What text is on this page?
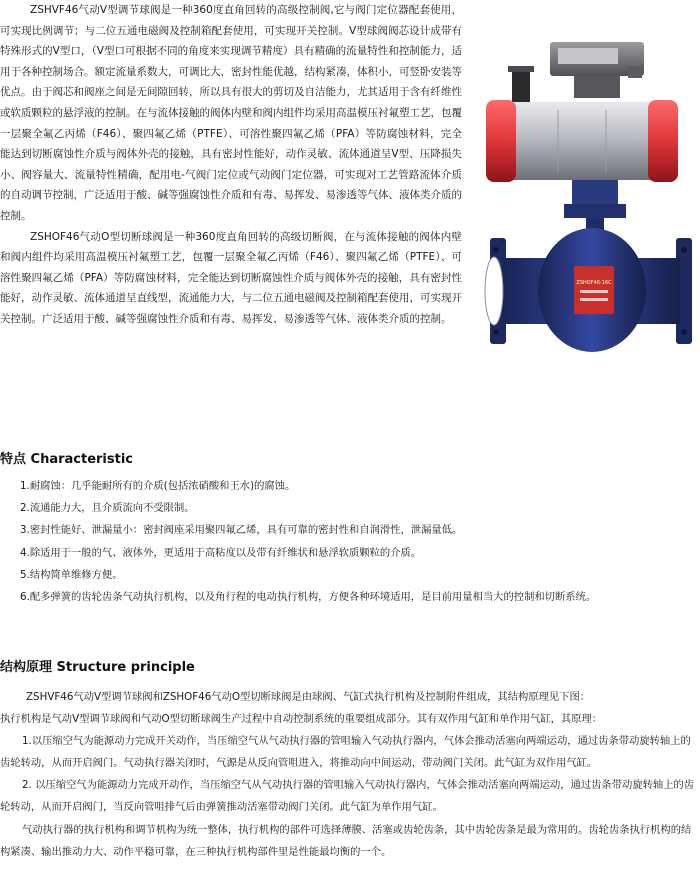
ZSHVF46气动V型调节球阀是一种360度直角回转的高级控制阀,它与阀门定位器配套使用，可实现比例调节；与二位五通电磁阀及控制箱配套使用，可实现开关控制。V型球阀阀芯设计成带有特殊形式的V型口，（V型口可根据不同的角度来实现调节精度）具有精确的流量特性和控制能力，适用于各种控制场合。额定流量系数大，可调比大，密封性能优越，结构紧凑，体积小，可竖卧安装等优点。由于阀芯和阀座之间是无间隙回转，所以具有很大的剪切及自洁能力，尤其适用于含有纤维性或软质颗粒的悬浮液的控制。在与流体接触的阀体内壁和阀内组件均采用高温模压衬氟塑工艺，包覆一层聚全氟乙丙烯（F46）、聚四氟乙烯（PTFE）、可溶性聚四氟乙烯（PFA）等防腐蚀材料，完全能达到切断腐蚀性介质与阀体外壳的接触，具有密封性能好，动作灵敏、流体通道呈V型、压降损失小、阀容量大、流量特性精确，配用电-气阀门定位或气动阀门定位器，可实现对工艺管路流体介质的自动调节控制，广泛适用于酸、碱等强腐蚀性介质和有毒、易挥发、易渗透等气体、液体类介质的控制。

ZSHOF46气动O型切断球阀是一种360度直角回转的高级切断阀，在与流体接触的阀体内壁和阀内组件均采用高温模压衬氟塑工艺，包覆一层聚全氟乙丙烯（F46）、聚四氟乙烯（PTFE）、可溶性聚四氟乙烯（PFA）等防腐蚀材料，完全能达到切断腐蚀性介质与阀体外壳的接触，具有密封性能好，动作灵敏、流体通道呈直线型，流通能力大，与二位五通电磁阀及控制箱配套使用，可实现开关控制。广泛适用于酸、碱等强腐蚀性介质和有毒、易挥发、易渗透等气体、液体类介质的控制。

ZSHOF46-16C
特点 Characteristic
1.耐腐蚀：几乎能耐所有的介质(包括浓硝酸和王水)的腐蚀。
2.流通能力大，且介质流向不受限制。
3.密封性能好、泄漏量小：密封阀座采用聚四氟乙烯，具有可靠的密封性和自润滑性，泄漏量低。
4.除适用于一般的气、液体外，更适用于高粘度以及带有纤维状和悬浮软质颗粒的介质。
5.结构简单维修方便。
6.配多弹簧的齿轮齿条气动执行机构，以及角行程的电动执行机构，方便各种环境适用，是目前用量相当大的控制和切断系统。
结构原理 Structure principle

ZSHVF46气动V型调节球阀和ZSHOF46气动O型切断球阀是由球阀、气缸式执行机构及控制附件组成，其结构原理见下图：

执行机构是气动V型调节球阀和气动O型切断球阀生产过程中自动控制系统的重要组成部分。其有双作用气缸和单作用气缸，其原理：

1.以压缩空气为能源动力完成开关动作，当压缩空气从气动执行器的管咀输入气动执行器内，气体会推动活塞向两端运动，通过齿条带动旋转轴上的齿轮转动，从而开启阀门。气动执行器关闭时，气源是从反向管咀进入，将推动向中间运动，带动阀门关闭。此气缸为双作用气缸。

2. 以压缩空气为能源动力完成开动作，当压缩空气从气动执行器的管咀输入气动执行器内，气体会推动活塞向两端运动，通过齿条带动旋转轴上的齿轮转动，从而开启阀门，当反向管咀排气后由弹簧推动活塞带动阀门关闭。此气缸为单作用气缸。

气动执行器的执行机构和调节机构为统一整体，执行机构的部件可选择薄膜、活塞或齿轮齿条，其中齿轮齿条是最为常用的。齿轮齿条执行机构的结构紧凑、输出推动力大、动作平稳可靠，在三种执行机构部件里是性能最均衡的一个。
